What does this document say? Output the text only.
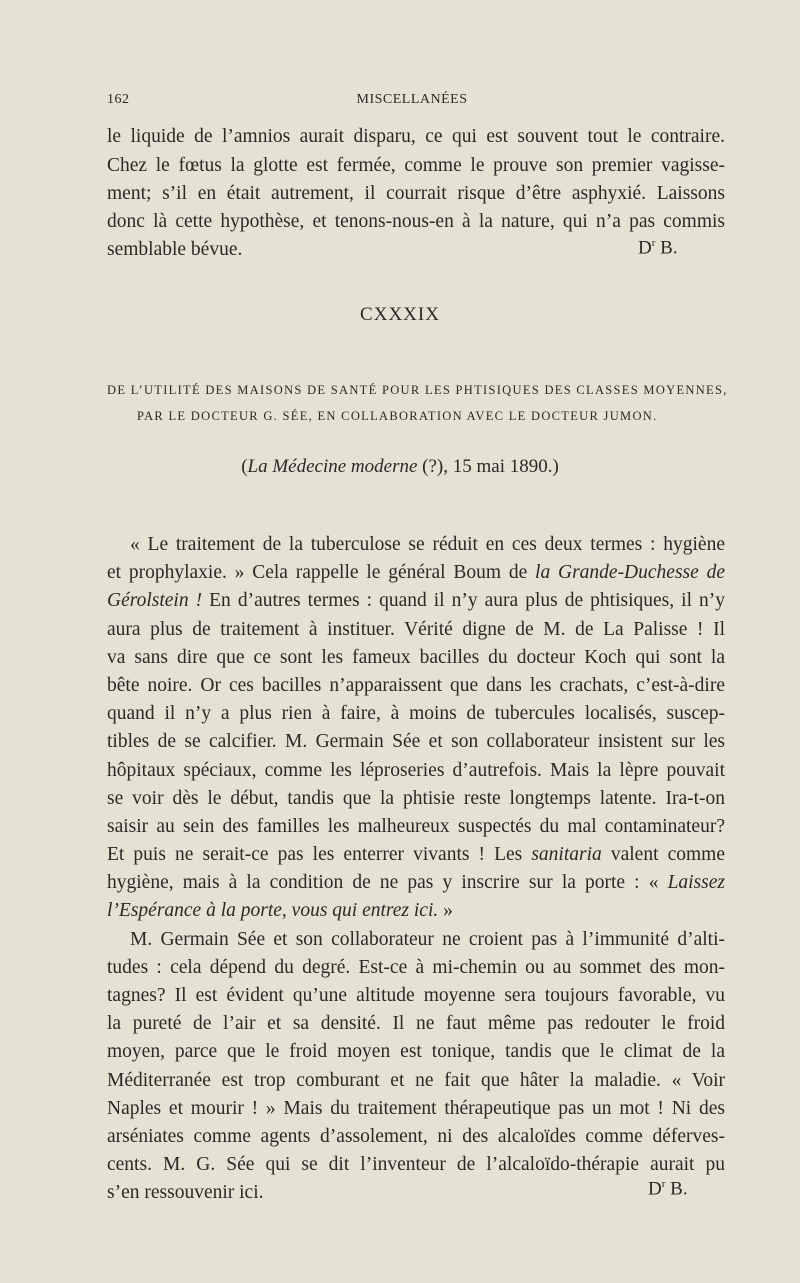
162	MISCELLANÉES
le liquide de l’amnios aurait disparu, ce qui est souvent tout le contraire.
Chez le fœtus la glotte est fermée, comme le prouve son premier vagisse-
ment; s’il en était autrement, il courrait risque d’être asphyxié. Laissons
donc là cette hypothèse, et tenons-nous-en à la nature, qui n’a pas commis
semblable bévue.	$D^r$ B.
CXXXIX
DE L’UTILITÉ DES MAISONS DE SANTÉ POUR LES PHTISIQUES DES CLASSES MOYENNES,
PAR LE DOCTEUR G. SÉE, EN COLLABORATION AVEC LE DOCTEUR JUMON.
(La Médecine moderne (?), 15 mai 1890.)
« Le traitement de la tuberculose se réduit en ces deux termes : hygiène
et prophylaxie. » Cela rappelle le général Boum de la Grande-Duchesse de
Gérolstein ! En d’autres termes : quand il n’y aura plus de phtisiques, il n’y
aura plus de traitement à instituer. Vérité digne de M. de La Palisse ! Il
va sans dire que ce sont les fameux bacilles du docteur Koch qui sont la
bête noire. Or ces bacilles n’apparaissent que dans les crachats, c’est-à-dire
quand il n’y a plus rien à faire, à moins de tubercules localisés, suscep-
tibles de se calcifier. M. Germain Sée et son collaborateur insistent sur les
hôpitaux spéciaux, comme les léproseries d’autrefois. Mais la lèpre pouvait
se voir dès le début, tandis que la phtisie reste longtemps latente. Ira-t-on
saisir au sein des familles les malheureux suspectés du mal contaminateur?
Et puis ne serait-ce pas les enterrer vivants ! Les sanitaria valent comme
hygiène, mais à la condition de ne pas y inscrire sur la porte : « Laissez
l’Espérance à la porte, vous qui entrez ici. »
M. Germain Sée et son collaborateur ne croient pas à l’immunité d’alti-
tudes : cela dépend du degré. Est-ce à mi-chemin ou au sommet des mon-
tagnes? Il est évident qu’une altitude moyenne sera toujours favorable, vu
la pureté de l’air et sa densité. Il ne faut même pas redouter le froid
moyen, parce que le froid moyen est tonique, tandis que le climat de la
Méditerranée est trop comburant et ne fait que hâter la maladie. « Voir
Naples et mourir ! » Mais du traitement thérapeutique pas un mot ! Ni des
arséniates comme agents d’assolement, ni des alcaloïdes comme déferves-
cents. M. G. Sée qui se dit l’inventeur de l’alcaloïdo-thérapie aurait pu
s’en ressouvenir ici.	$D^r$ B.
